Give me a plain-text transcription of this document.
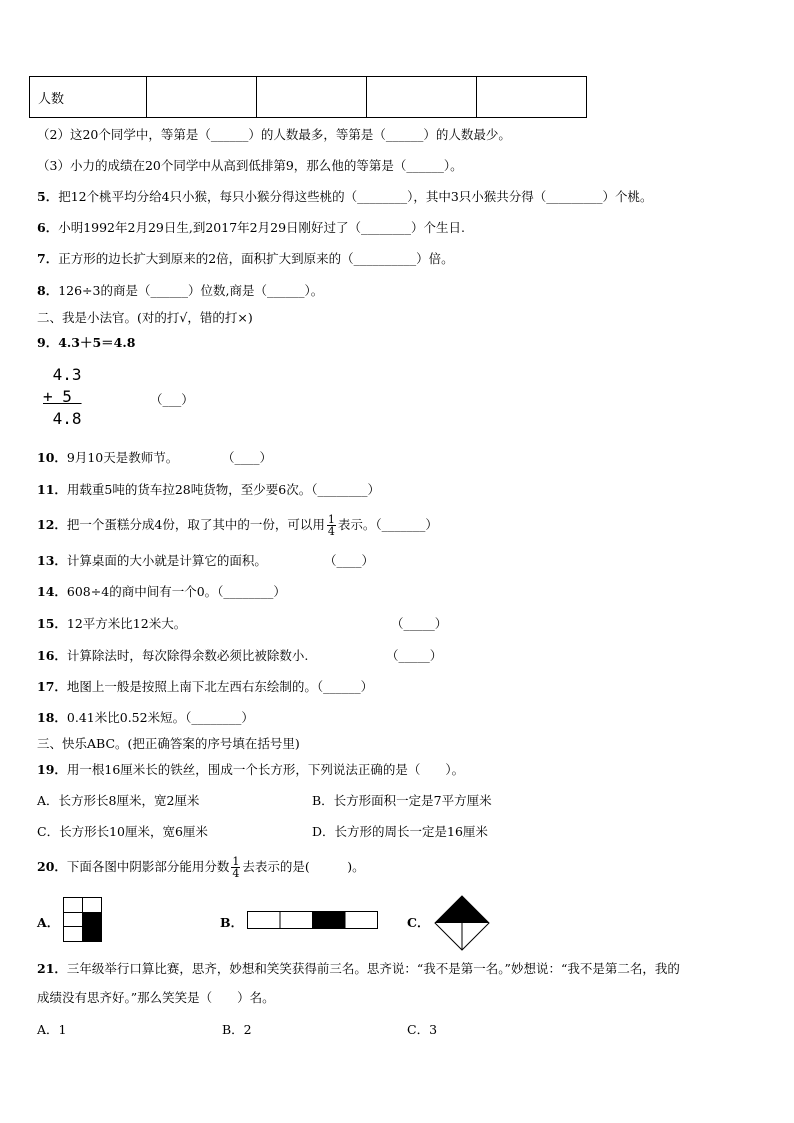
人数				
（2）这20个同学中，等第是（______）的人数最多，等第是（______）的人数最少。
（3）小力的成绩在20个同学中从高到低排第9，那么他的等第是（______）。
5．把12个桃平均分给4只小猴，每只小猴分得这些桃的（________），其中3只小猴共分得（_________）个桃。
6．小明1992年2月29日生,到2017年2月29日刚好过了（________）个生日.
7．正方形的边长扩大到原来的2倍，面积扩大到原来的（__________）倍。
8．126÷3的商是（______）位数,商是（______）。
二、我是小法官。(对的打√，错的打×)
9．4.3＋5＝4.8
4.3
+ 5
4.8
（___）
10．9月10天是教师节。	（____）
11．用载重5吨的货车拉28吨货物，至少要6次。（________）
12．把一个蛋糕分成4份，取了其中的一份，可以用 $\frac{1}{4}$ 表示。（_______）
13．计算桌面的大小就是计算它的面积。	（____）
14．608÷4的商中间有一个0。（________）
15．12平方米比12米大。	（_____）
16．计算除法时，每次除得余数必须比被除数小.	（_____）
17．地图上一般是按照上南下北左西右东绘制的。（______）
18．0.41米比0.52米短。（________）
三、快乐ABC。(把正确答案的序号填在括号里)
19．用一根16厘米长的铁丝，围成一个长方形，下列说法正确的是（　　）。
A．长方形长8厘米，宽2厘米	B．长方形面积一定是7平方厘米
C．长方形长10厘米，宽6厘米	D．长方形的周长一定是16厘米
20．下面各图中阴影部分能用分数 $\frac{1}{4}$ 去表示的是(　　　)。
A．	B．	C．
21．三年级举行口算比赛，思齐，妙想和笑笑获得前三名。思齐说：“我不是第一名。”妙想说：“我不是第二名，我的
成绩没有思齐好。”那么笑笑是（　　）名。
A．1	B．2	C．3
